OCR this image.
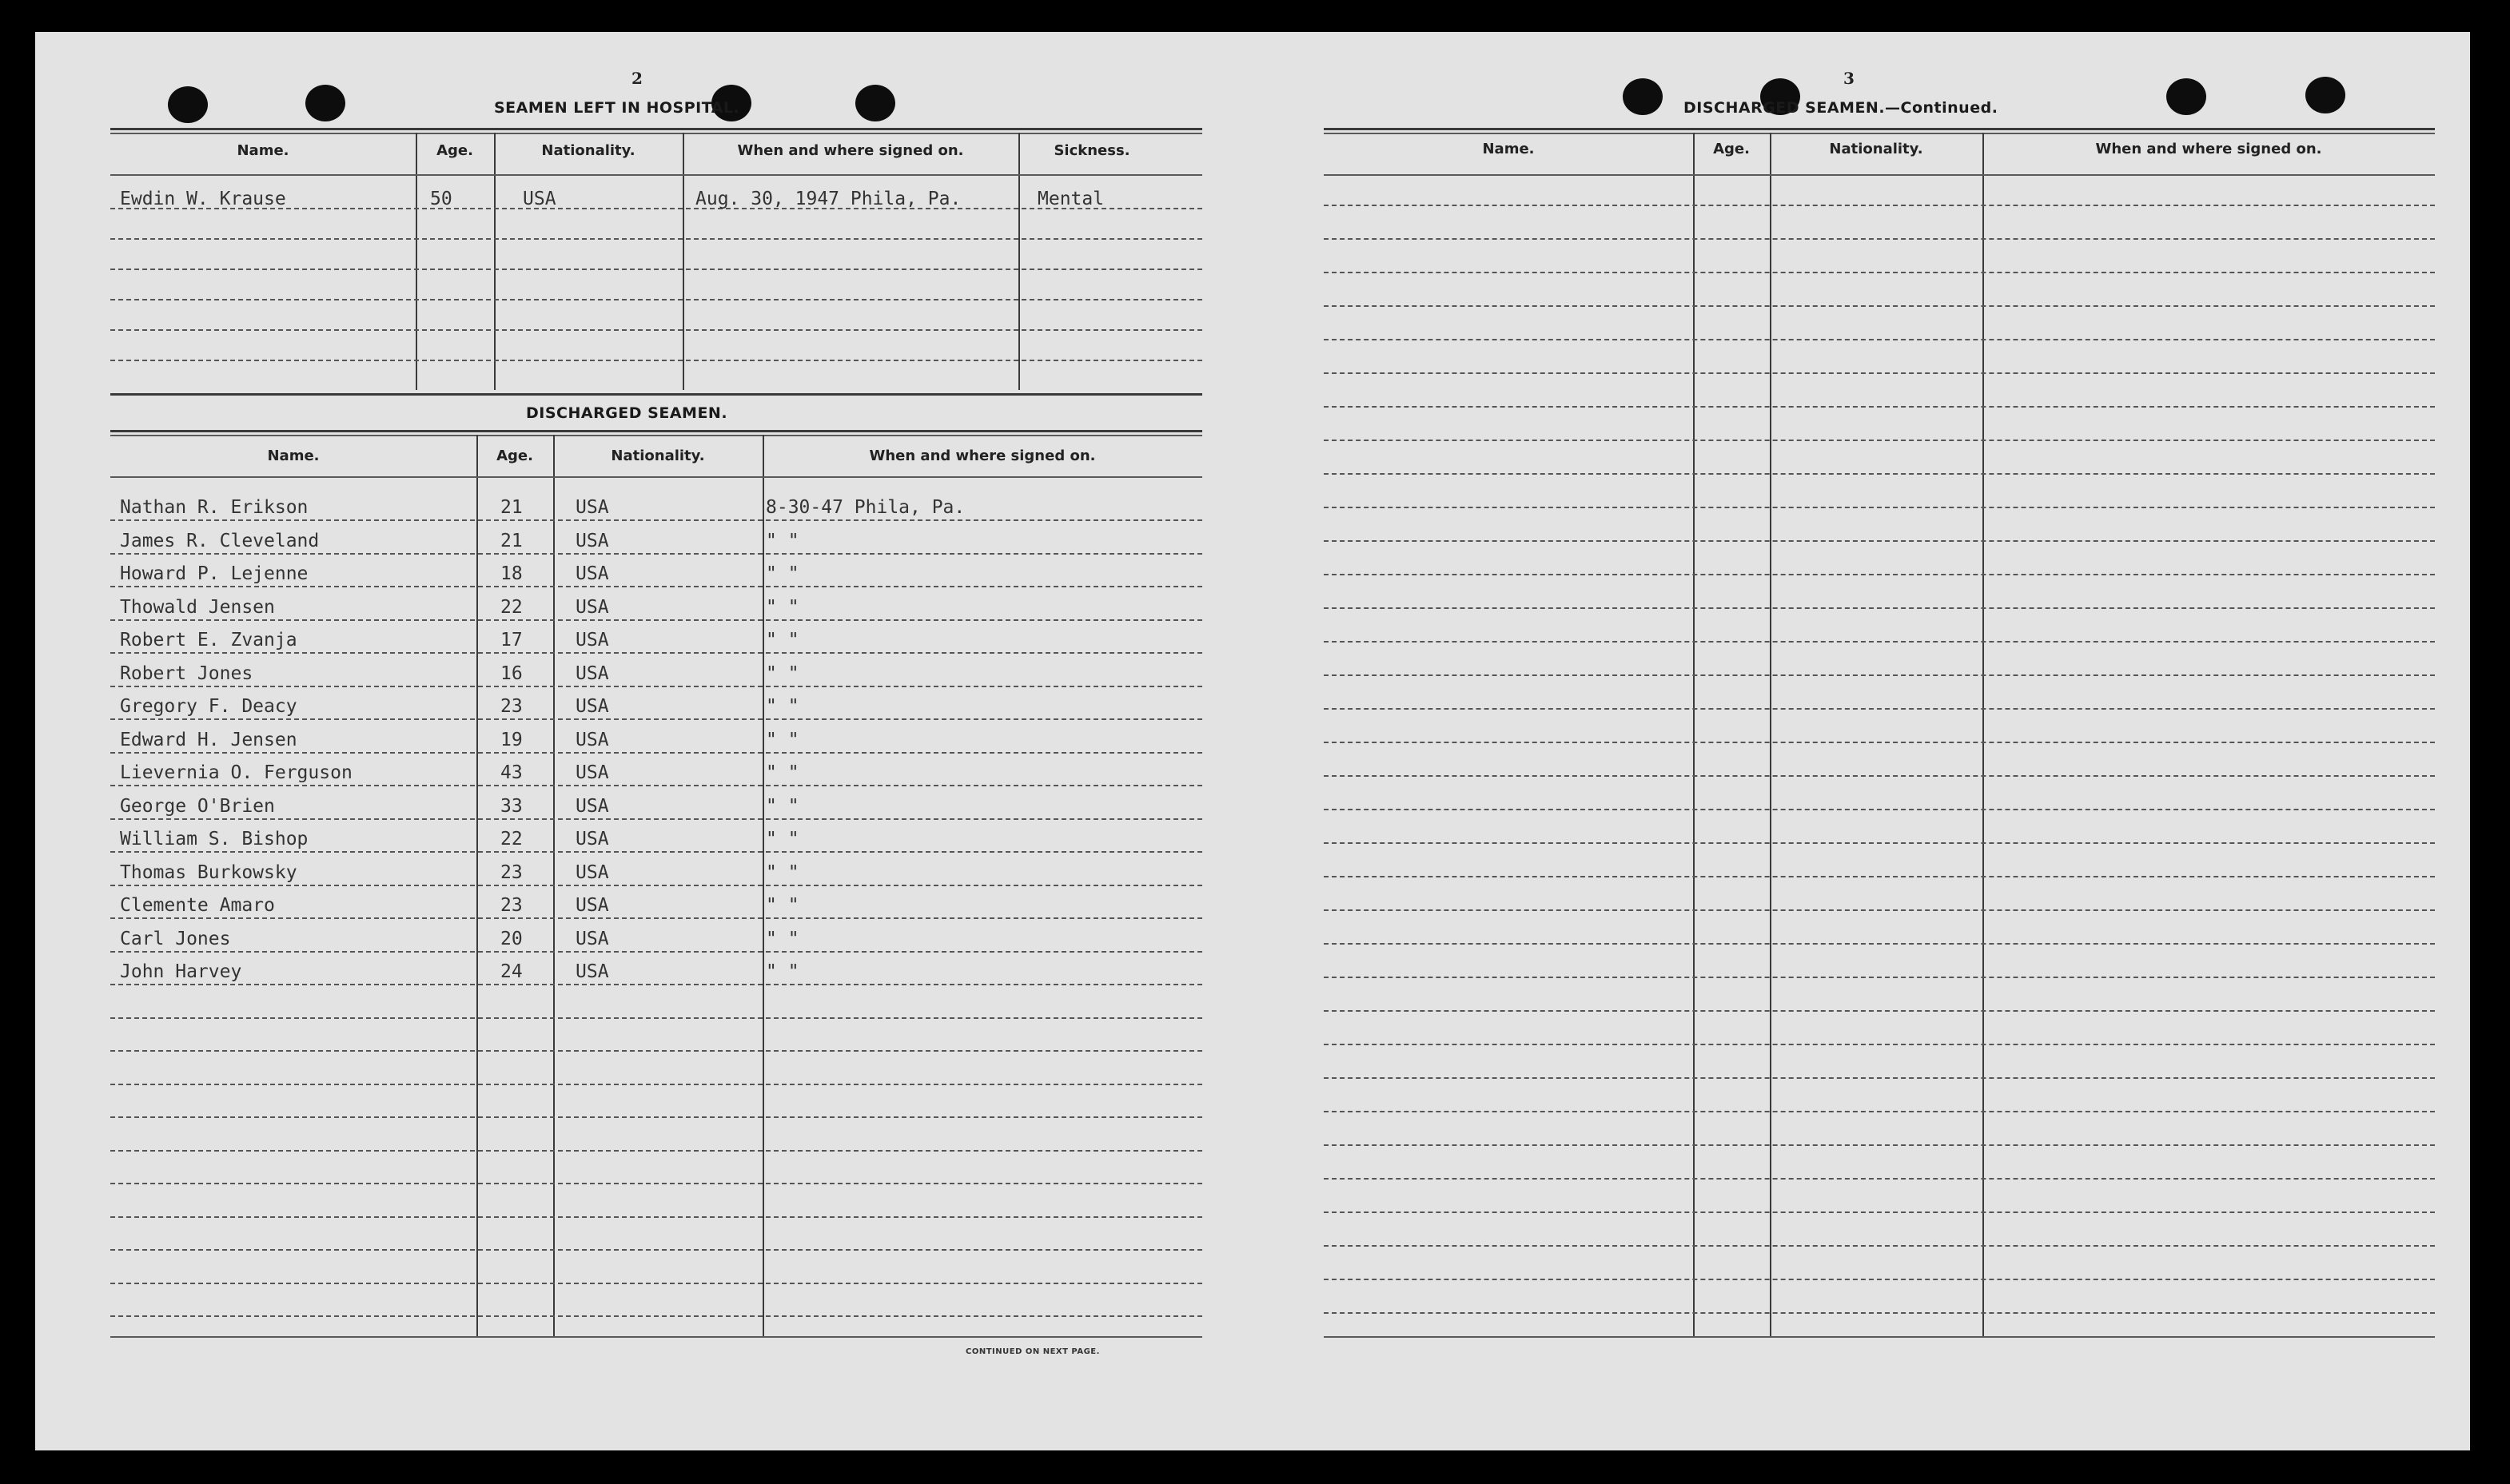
2
SEAMEN LEFT IN HOSPITAL.
Name.	Age.	Nationality.	When and where signed on.	Sickness.
Ewdin W. Krause	50	USA	Aug. 30, 1947 Phila, Pa.	Mental
DISCHARGED SEAMEN.
Name.	Age.	Nationality.	When and where signed on.
Nathan R. Erikson	21	USA	8-30-47 Phila, Pa.
James R. Cleveland	21	USA	" "
Howard P. Lejenne	18	USA	" "
Thowald Jensen	22	USA	" "
Robert E. Zvanja	17	USA	" "
Robert Jones	16	USA	" "
Gregory F. Deacy	23	USA	" "
Edward H. Jensen	19	USA	" "
Lievernia O. Ferguson	43	USA	" "
George O'Brien	33	USA	" "
William S. Bishop	22	USA	" "
Thomas Burkowsky	23	USA	" "
Clemente Amaro	23	USA	" "
Carl Jones	20	USA	" "
John Harvey	24	USA	" "
CONTINUED ON NEXT PAGE.
3
DISCHARGED SEAMEN.—Continued.
Name.	Age.	Nationality.	When and where signed on.
